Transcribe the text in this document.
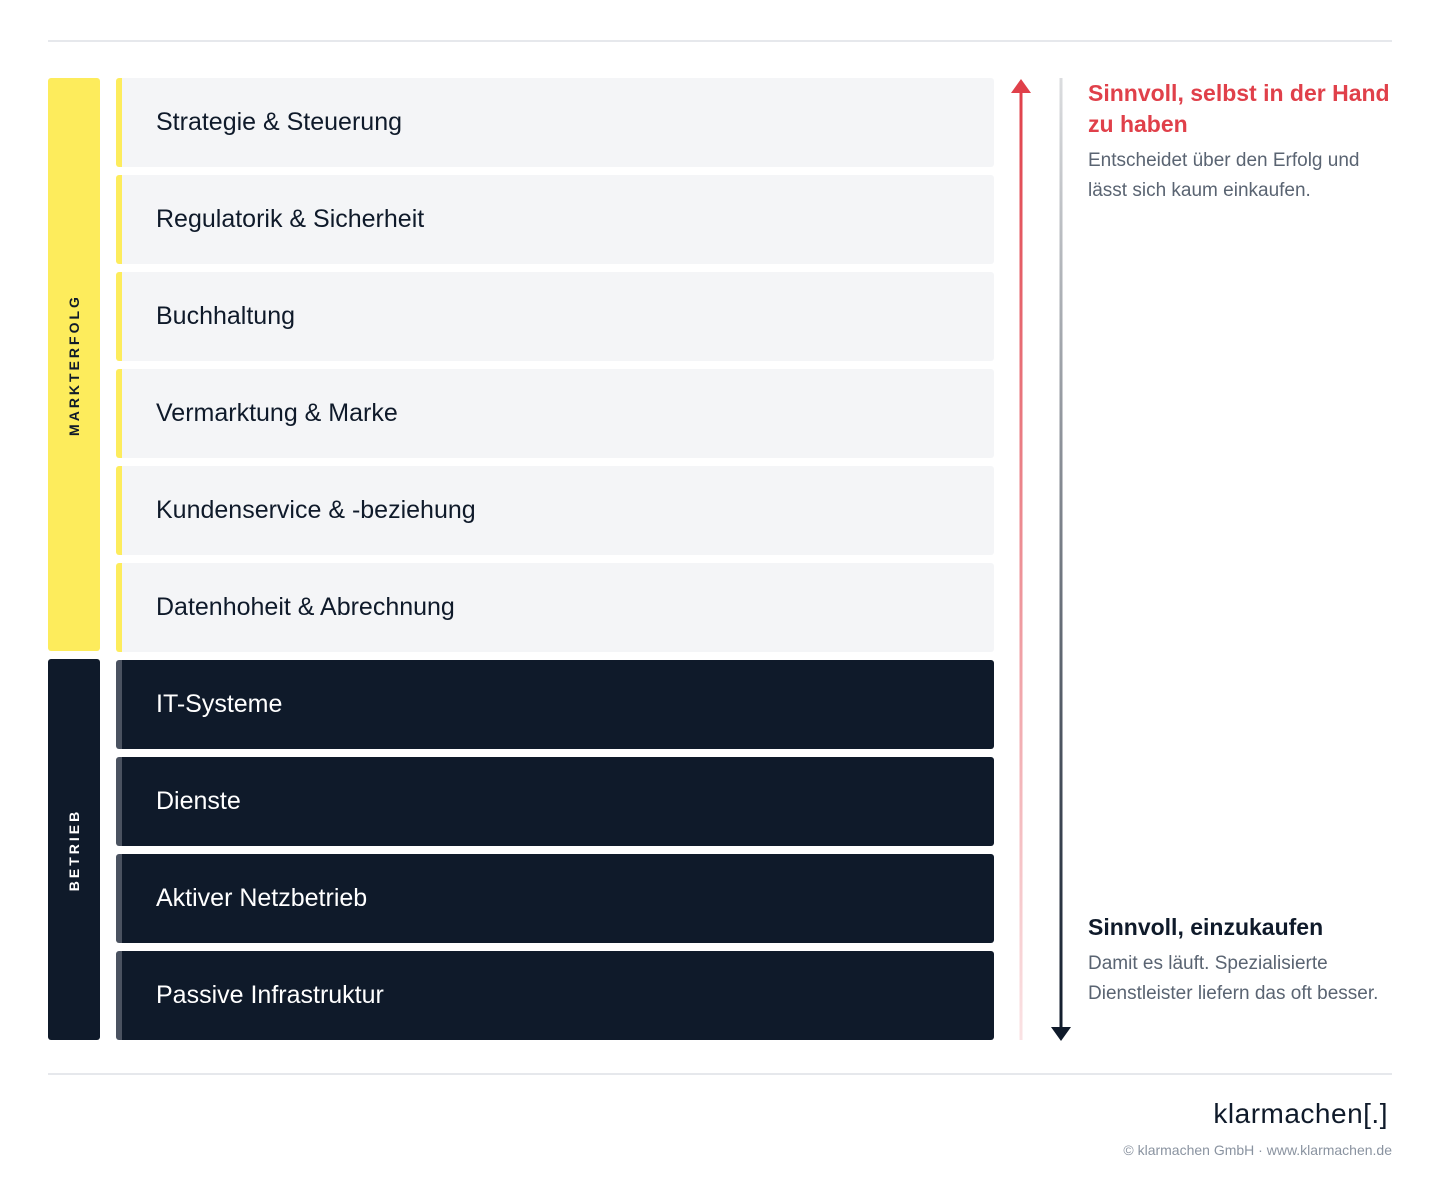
MARKTERFOLG
BETRIEB
Strategie & Steuerung
Regulatorik & Sicherheit
Buchhaltung
Vermarktung & Marke
Kundenservice & -beziehung
Datenhoheit & Abrechnung
IT-Systeme
Dienste
Aktiver Netzbetrieb
Passive Infrastruktur
Sinnvoll, selbst in der Hand zu haben
Entscheidet über den Erfolg und lässt sich kaum einkaufen.
Sinnvoll, einzukaufen
Damit es läuft. Spezialisierte Dienstleister liefern das oft besser.
klarmachen[.]
© klarmachen GmbH · www.klarmachen.de
